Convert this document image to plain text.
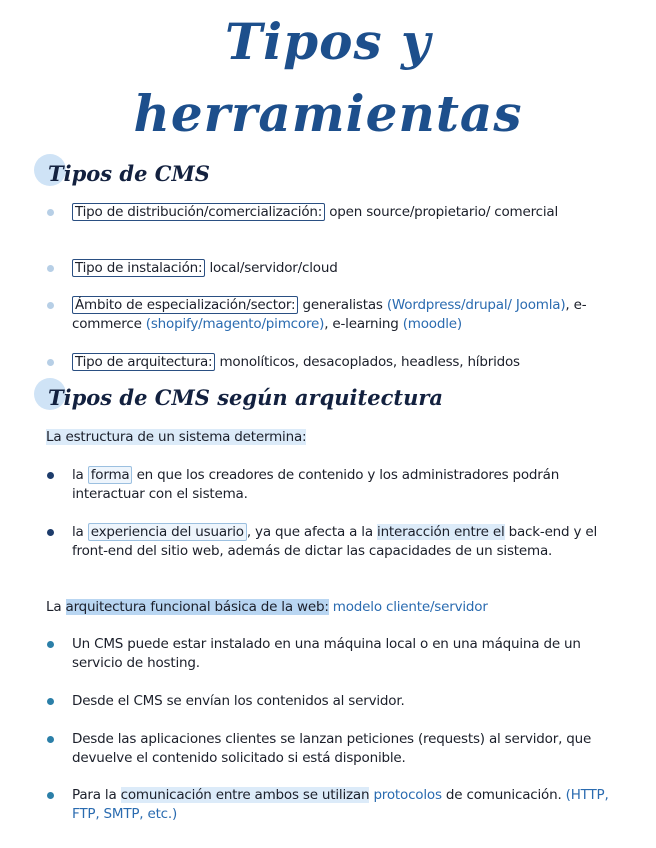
Tipos y
herramientas
Tipos de CMS
Tipo de distribución/comercialización: open source/propietario/ comercial
Tipo de instalación: local/servidor/cloud
Ámbito de especialización/sector: generalistas (Wordpress/drupal/ Joomla), e-commerce (shopify/magento/pimcore), e-learning (moodle)
Tipo de arquitectura: monolíticos, desacoplados, headless, híbridos
Tipos de CMS según arquitectura
La estructura de un sistema determina:
la forma en que los creadores de contenido y los administradores podrán interactuar con el sistema.
la experiencia del usuario , ya que afecta a la interacción entre el back-end y el front-end del sitio web, además de dictar las capacidades de un sistema.
La arquitectura funcional básica de la web: modelo cliente/servidor
Un CMS puede estar instalado en una máquina local o en una máquina de un servicio de hosting.
Desde el CMS se envían los contenidos al servidor.
Desde las aplicaciones clientes se lanzan peticiones (requests) al servidor, que devuelve el contenido solicitado si está disponible.
Para la comunicación entre ambos se utilizan protocolos de comunicación. (HTTP, FTP, SMTP, etc.)
